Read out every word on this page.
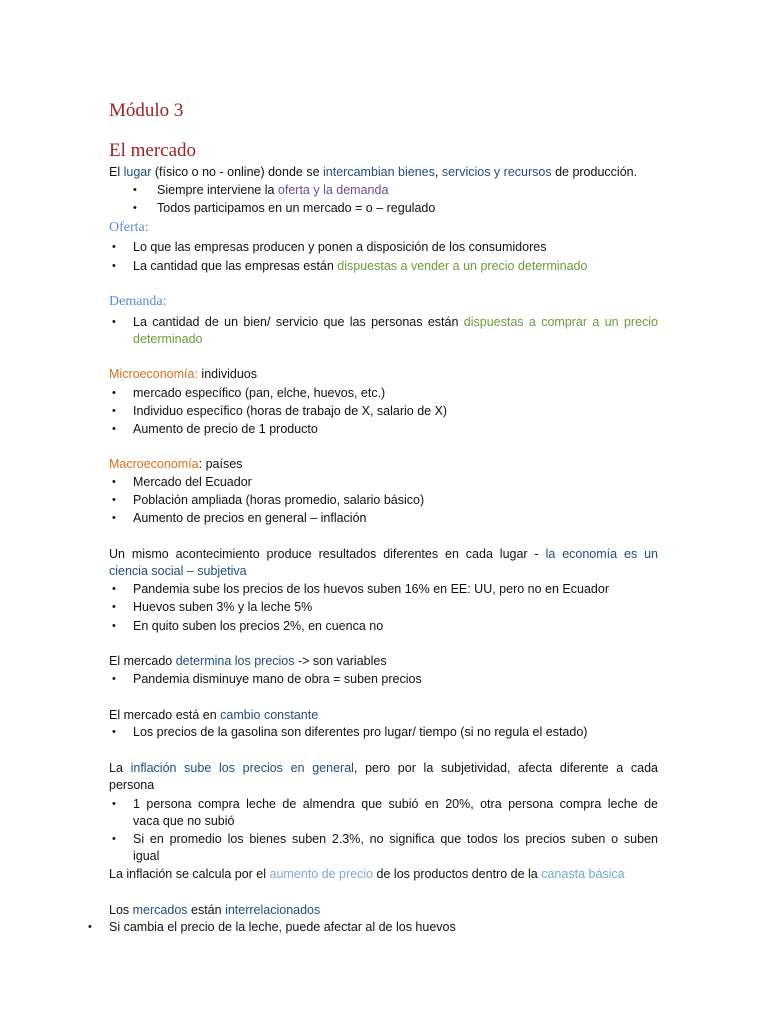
Módulo 3
El mercado
El lugar (físico o no - online) donde se intercambian bienes, servicios y recursos de producción.
• Siempre interviene la oferta y la demanda
• Todos participamos en un mercado = o – regulado
Oferta:
• Lo que las empresas producen y ponen a disposición de los consumidores
• La cantidad que las empresas están dispuestas a vender a un precio determinado
Demanda:
• La cantidad de un bien/ servicio que las personas están dispuestas a comprar a un precio
determinado
Microeconomía: individuos
• mercado específico (pan, elche, huevos, etc.)
• Individuo específico (horas de trabajo de X, salario de X)
• Aumento de precio de 1 producto
Macroeconomía: países
• Mercado del Ecuador
• Población ampliada (horas promedio, salario básico)
• Aumento de precios en general – inflación
Un mismo acontecimiento produce resultados diferentes en cada lugar - la economía es un
ciencia social – subjetiva
• Pandemia sube los precios de los huevos suben 16% en EE: UU, pero no en Ecuador
• Huevos suben 3% y la leche 5%
• En quito suben los precios 2%, en cuenca no
El mercado determina los precios -> son variables
• Pandemia disminuye mano de obra = suben precios
El mercado está en cambio constante
• Los precios de la gasolina son diferentes pro lugar/ tiempo (si no regula el estado)
La inflación sube los precios en general, pero por la subjetividad, afecta diferente a cada
persona
• 1 persona compra leche de almendra que subió en 20%, otra persona compra leche de
vaca que no subió
• Si en promedio los bienes suben 2.3%, no significa que todos los precios suben o suben
igual
La inflación se calcula por el aumento de precio de los productos dentro de la canasta básica
Los mercados están interrelacionados
• Si cambia el precio de la leche, puede afectar al de los huevos
